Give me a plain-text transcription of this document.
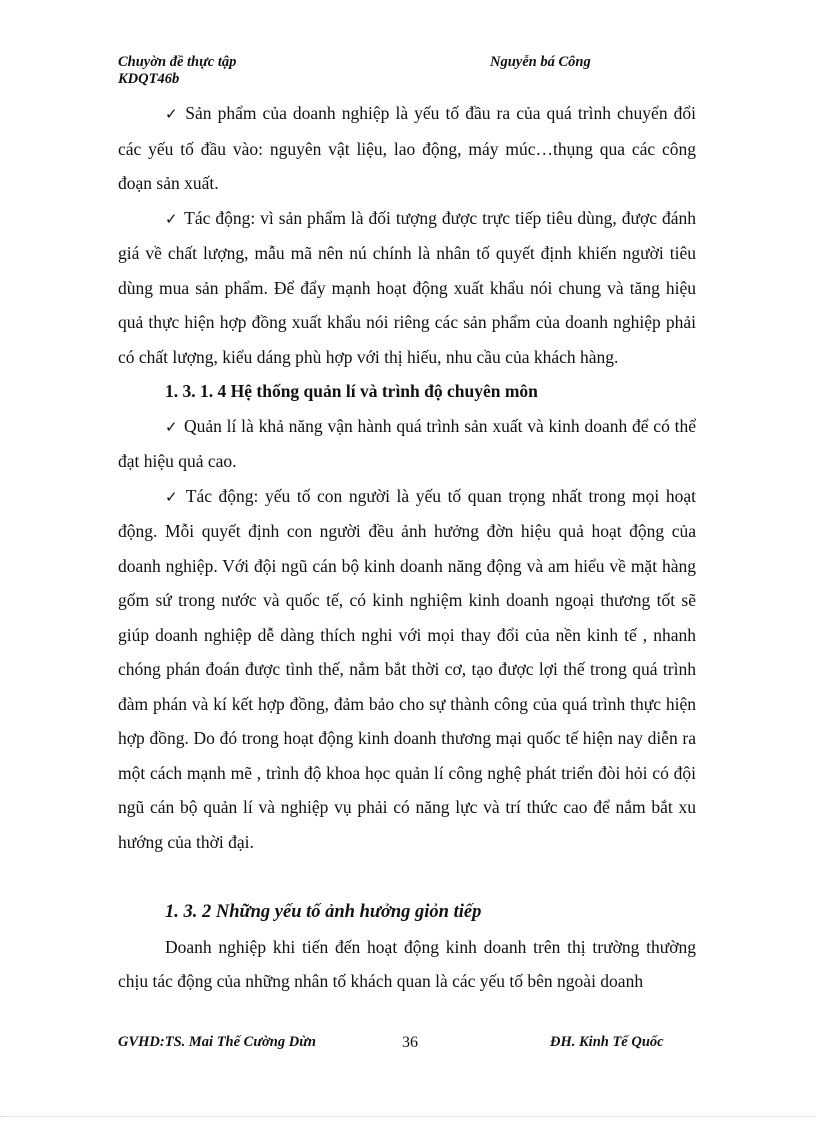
Chuyờn đề thực tập
KDQT46b
Nguyễn bá Công

✓ Sản phẩm của doanh nghiệp là yếu tố đầu ra của quá trình chuyển đổi các yếu tố đầu vào: nguyên vật liệu, lao động, máy múc…thụng qua các công đoạn sản xuất.

✓ Tác động: vì sản phẩm là đối tượng được trực tiếp tiêu dùng, được đánh giá về chất lượng, mẫu mã nên nú chính là nhân tố quyết định khiến người tiêu dùng mua sản phẩm. Để đẩy mạnh hoạt động xuất khẩu nói chung và tăng hiệu quả thực hiện hợp đồng xuất khẩu nói riêng các sản phẩm của doanh nghiệp phải có chất lượng, kiểu dáng phù hợp với thị hiếu, nhu cầu của khách hàng.

1. 3. 1. 4 Hệ thống quản lí và trình độ chuyên môn

✓ Quản lí là khả năng vận hành quá trình sản xuất và kinh doanh để có thể đạt hiệu quả cao.

✓ Tác động: yếu tố con người là yếu tố quan trọng nhất trong mọi hoạt động. Mỗi quyết định con người đều ảnh hưởng đờn hiệu quả hoạt động của doanh nghiệp. Với đội ngũ cán bộ kinh doanh năng động và am hiểu về mặt hàng gốm sứ trong nước và quốc tế, có kinh nghiệm kinh doanh ngoại thương tốt sẽ giúp doanh nghiệp dễ dàng thích nghi với mọi thay đổi của nền kinh tế , nhanh chóng phán đoán được tình thế, nắm bắt thời cơ, tạo được lợi thế trong quá trình đàm phán và kí kết hợp đồng, đảm bảo cho sự thành công của quá trình thực hiện hợp đồng. Do đó trong hoạt động kinh doanh thương mại quốc tế hiện nay diễn ra một cách mạnh mẽ , trình độ khoa học quản lí công nghệ phát triển đòi hỏi có đội ngũ cán bộ quản lí và nghiệp vụ phải có năng lực và trí thức cao để nắm bắt xu hướng của thời đại.

1. 3. 2 Những yếu tố ảnh hưởng giỏn tiếp

Doanh nghiệp khi tiến đến hoạt động kinh doanh trên thị trường thường chịu tác động của những nhân tố khách quan là các yếu tố bên ngoài doanh

GVHD:TS. Mai Thế Cường Dừn	36	ĐH. Kinh Tế Quốc
